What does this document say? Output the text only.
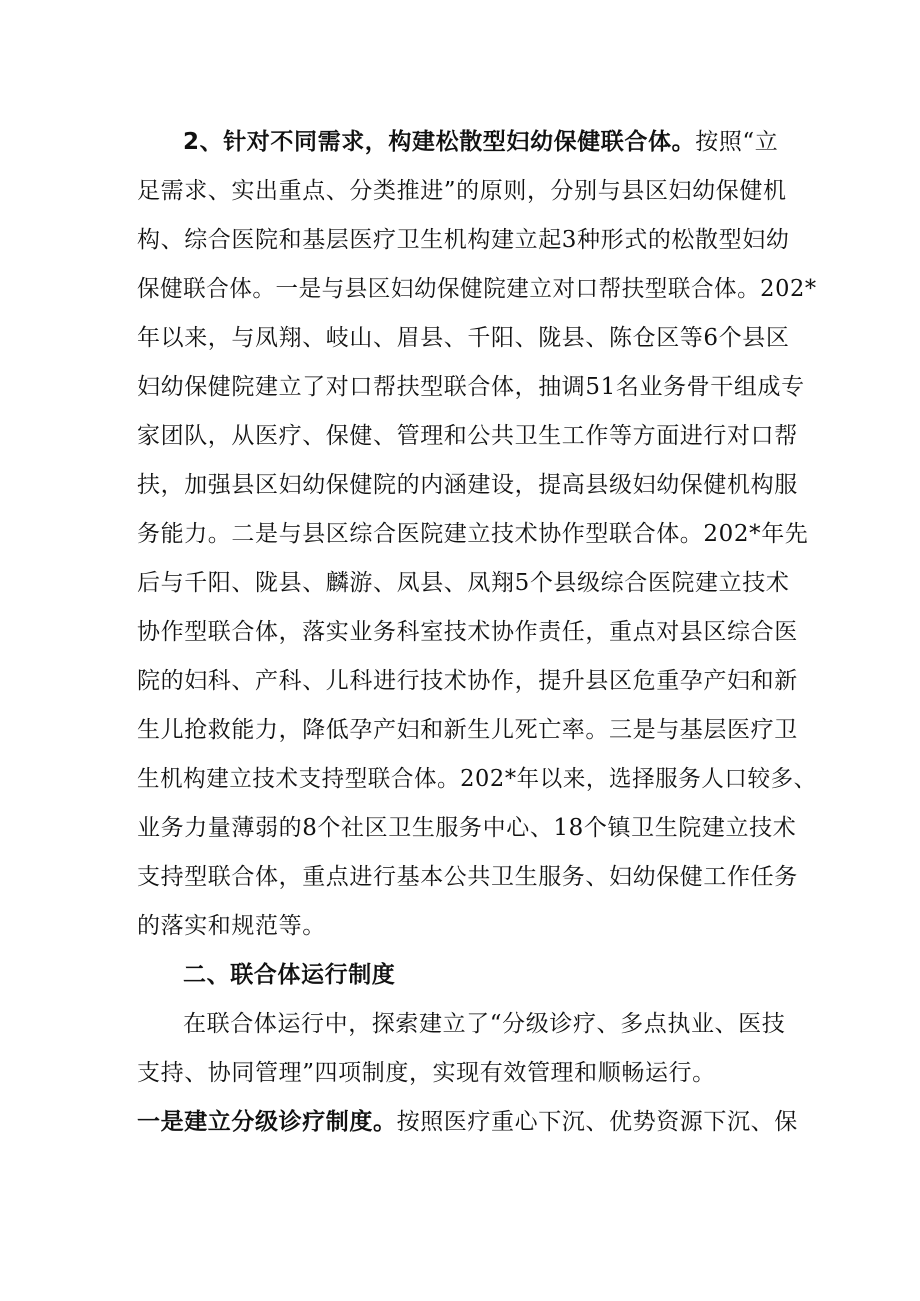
2、针对不同需求，构建松散型妇幼保健联合体。按照“立
足需求、实出重点、分类推进”的原则，分别与县区妇幼保健机
构、综合医院和基层医疗卫生机构建立起3种形式的松散型妇幼
保健联合体。一是与县区妇幼保健院建立对口帮扶型联合体。202*
年以来，与凤翔、岐山、眉县、千阳、陇县、陈仓区等6个县区
妇幼保健院建立了对口帮扶型联合体，抽调51名业务骨干组成专
家团队，从医疗、保健、管理和公共卫生工作等方面进行对口帮
扶，加强县区妇幼保健院的内涵建设，提高县级妇幼保健机构服
务能力。二是与县区综合医院建立技术协作型联合体。202*年先
后与千阳、陇县、麟游、凤县、凤翔5个县级综合医院建立技术
协作型联合体，落实业务科室技术协作责任，重点对县区综合医
院的妇科、产科、儿科进行技术协作，提升县区危重孕产妇和新
生儿抢救能力，降低孕产妇和新生儿死亡率。三是与基层医疗卫
生机构建立技术支持型联合体。202*年以来，选择服务人口较多、
业务力量薄弱的8个社区卫生服务中心、18个镇卫生院建立技术
支持型联合体，重点进行基本公共卫生服务、妇幼保健工作任务
的落实和规范等。
二、联合体运行制度
在联合体运行中，探索建立了“分级诊疗、多点执业、医技
支持、协同管理”四项制度，实现有效管理和顺畅运行。
一是建立分级诊疗制度。按照医疗重心下沉、优势资源下沉、保
